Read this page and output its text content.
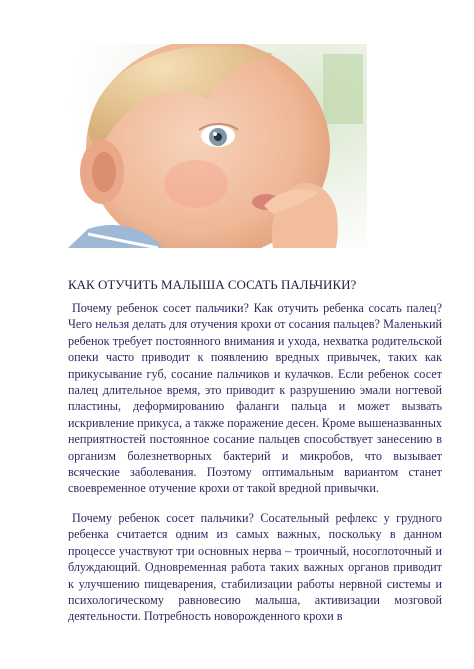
КАК ОТУЧИТЬ МАЛЫША СОСАТЬ ПАЛЬЧИКИ?

Почему ребенок сосет пальчики? Как отучить ребенка сосать палец? Чего нельзя делать для отучения крохи от сосания пальцев? Маленький ребенок требует постоянного внимания и ухода, нехватка родительской опеки часто приводит к появлению вредных привычек, таких как прикусывание губ, сосание пальчиков и кулачков. Если ребенок сосет палец длительное время, это приводит к разрушению эмали ногтевой пластины, деформированию фаланги пальца и может вызвать искривление прикуса, а также поражение десен. Кроме вышеназванных неприятностей постоянное сосание пальцев способствует занесению в организм болезнетворных бактерий и микробов, что вызывает всяческие заболевания. Поэтому оптимальным вариантом станет своевременное отучение крохи от такой вредной привычки.

Почему ребенок сосет пальчики? Сосательный рефлекс у грудного ребенка считается одним из самых важных, поскольку в данном процессе участвуют три основных нерва – троичный, носоглоточный и блуждающий. Одновременная работа таких важных органов приводит к улучшению пищеварения, стабилизации работы нервной системы и психологическому равновесию малыша, активизации мозговой деятельности. Потребность новорожденного крохи в
